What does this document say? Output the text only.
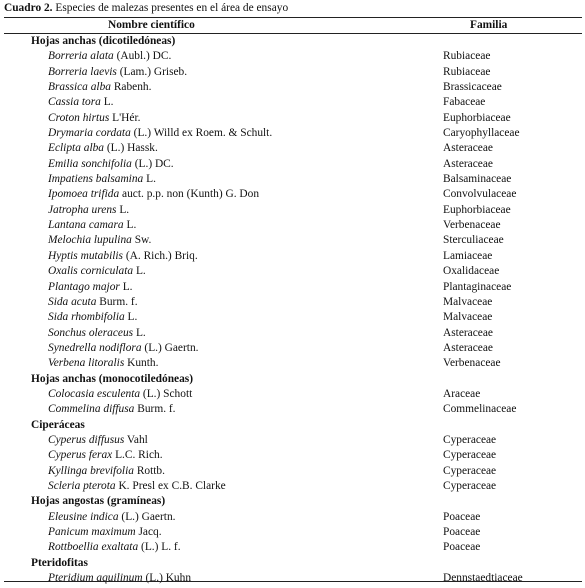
Cuadro 2. Especies de malezas presentes en el área de ensayo
Nombre científico	Familia
Hojas anchas (dicotiledóneas)
Borreria alata (Aubl.) DC.	Rubiaceae
Borreria laevis (Lam.) Griseb.	Rubiaceae
Brassica alba Rabenh.	Brassicaceae
Cassia tora L.	Fabaceae
Croton hirtus L'Hér.	Euphorbiaceae
Drymaria cordata (L.) Willd ex Roem. & Schult.	Caryophyllaceae
Eclipta alba (L.) Hassk.	Asteraceae
Emilia sonchifolia (L.) DC.	Asteraceae
Impatiens balsamina L.	Balsaminaceae
Ipomoea trifida auct. p.p. non (Kunth) G. Don	Convolvulaceae
Jatropha urens L.	Euphorbiaceae
Lantana camara L.	Verbenaceae
Melochia lupulina Sw.	Sterculiaceae
Hyptis mutabilis (A. Rich.) Briq.	Lamiaceae
Oxalis corniculata L.	Oxalidaceae
Plantago major L.	Plantaginaceae
Sida acuta Burm. f.	Malvaceae
Sida rhombifolia L.	Malvaceae
Sonchus oleraceus L.	Asteraceae
Synedrella nodiflora (L.) Gaertn.	Asteraceae
Verbena litoralis Kunth.	Verbenaceae
Hojas anchas (monocotiledóneas)
Colocasia esculenta (L.) Schott	Araceae
Commelina diffusa Burm. f.	Commelinaceae
Ciperáceas
Cyperus diffusus Vahl	Cyperaceae
Cyperus ferax L.C. Rich.	Cyperaceae
Kyllinga brevifolia Rottb.	Cyperaceae
Scleria pterota K. Presl ex C.B. Clarke	Cyperaceae
Hojas angostas (gramíneas)
Eleusine indica (L.) Gaertn.	Poaceae
Panicum maximum Jacq.	Poaceae
Rottboellia exaltata (L.) L. f.	Poaceae
Pteridofitas
Pteridium aquilinum (L.) Kuhn	Dennstaedtiaceae
